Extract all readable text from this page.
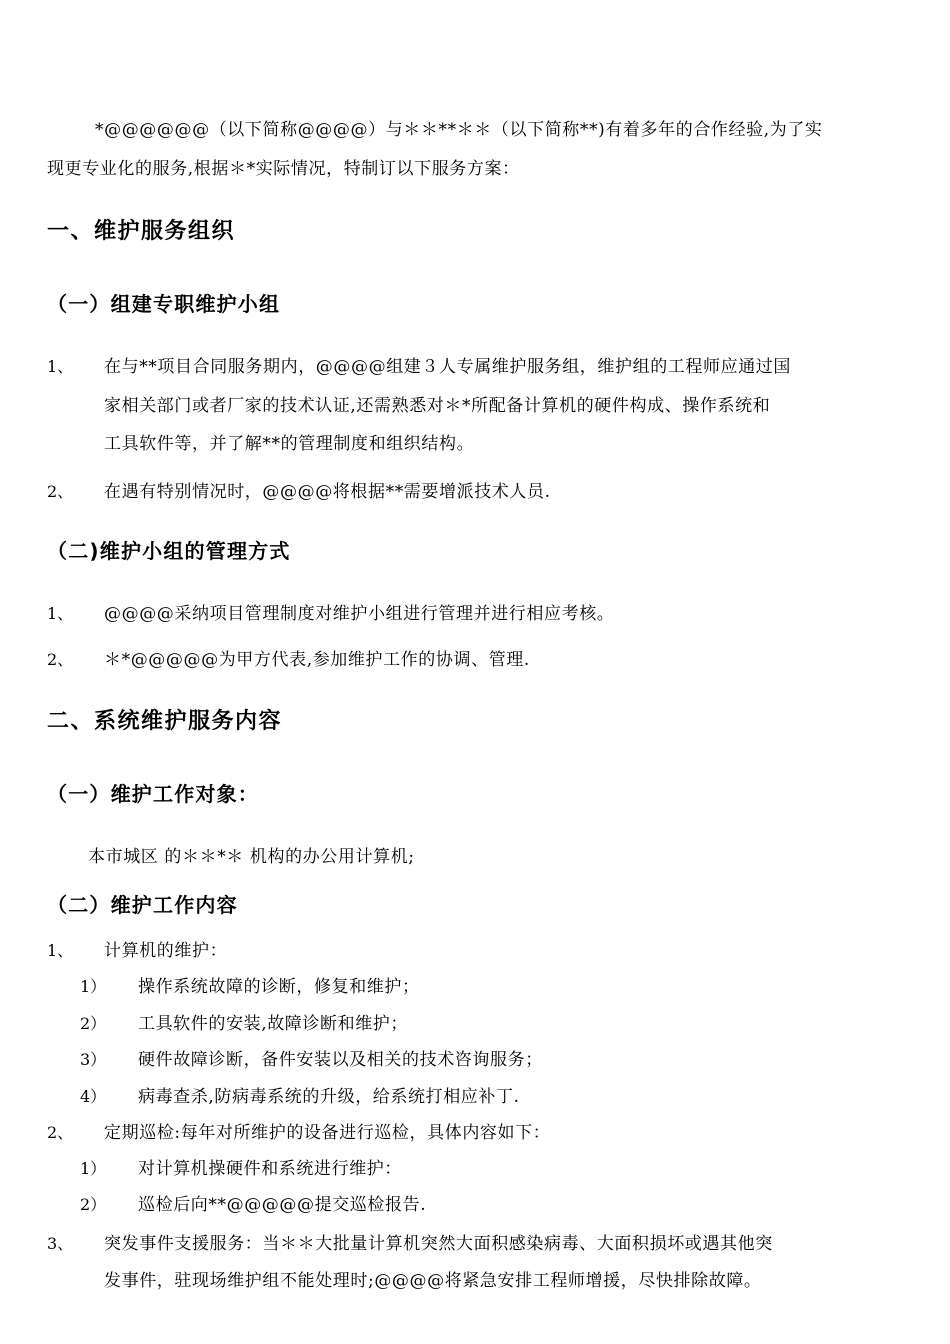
*@@@@@@（以下简称@@@@）与＊＊**＊＊（以下简称**)有着多年的合作经验,为了实
现更专业化的服务,根据＊*实际情况，特制订以下服务方案：
一、维护服务组织
（一）组建专职维护小组
1、 在与**项目合同服务期内，@@@@组建３人专属维护服务组，维护组的工程师应通过国
家相关部门或者厂家的技术认证,还需熟悉对＊*所配备计算机的硬件构成、操作系统和
工具软件等，并了解**的管理制度和组织结构。
2、 在遇有特别情况时，@@@@将根据**需要增派技术人员.
（二)维护小组的管理方式
1、 @@@@采纳项目管理制度对维护小组进行管理并进行相应考核。
2、 ＊*@@@@@为甲方代表,参加维护工作的协调、管理.
二、系统维护服务内容
（一）维护工作对象：
本市城区 的＊＊*＊ 机构的办公用计算机;
（二）维护工作内容
1、 计算机的维护：
1） 操作系统故障的诊断，修复和维护；
2） 工具软件的安装,故障诊断和维护；
3） 硬件故障诊断，备件安装以及相关的技术咨询服务；
4） 病毒查杀,防病毒系统的升级，给系统打相应补丁.
2、 定期巡检:每年对所维护的设备进行巡检，具体内容如下：
1） 对计算机操硬件和系统进行维护：
2） 巡检后向**@@@@@提交巡检报告.
3、 突发事件支援服务：当＊＊大批量计算机突然大面积感染病毒、大面积损坏或遇其他突
发事件，驻现场维护组不能处理时;@@@@将紧急安排工程师增援，尽快排除故障。
